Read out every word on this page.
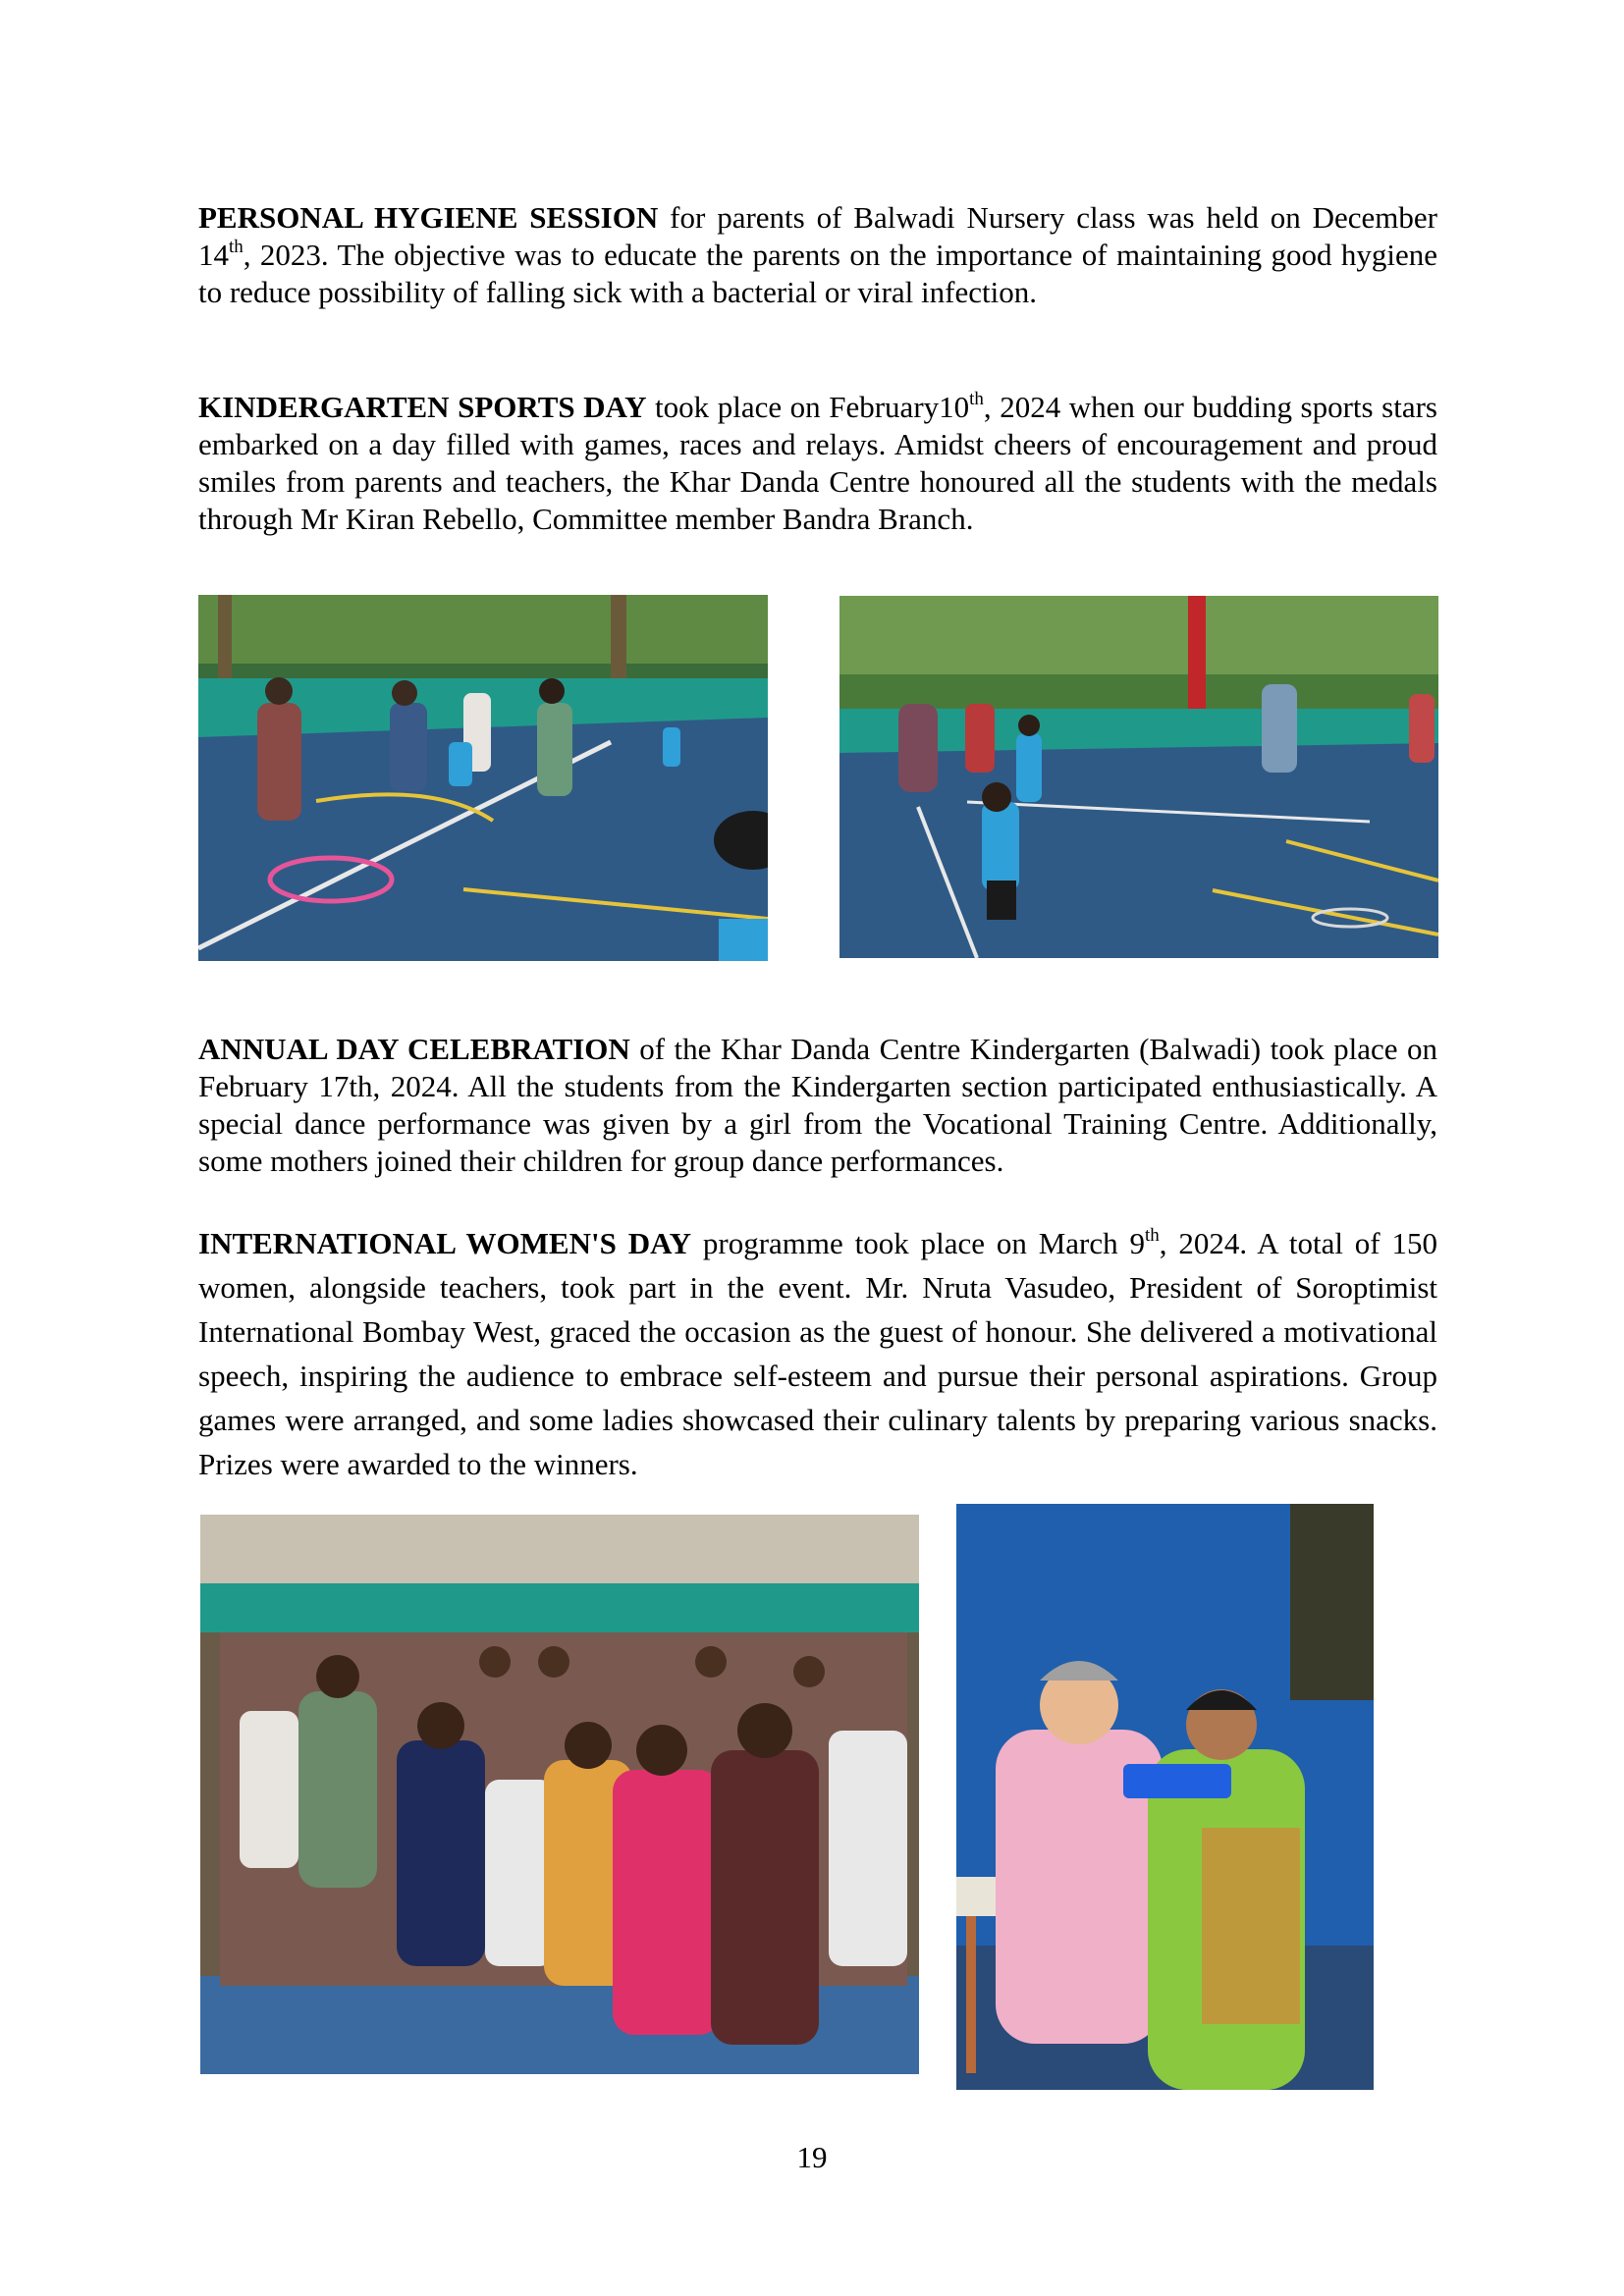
PERSONAL HYGIENE SESSION for parents of Balwadi Nursery class was held on December 14th, 2023. The objective was to educate the parents on the importance of maintaining good hygiene to reduce possibility of falling sick with a bacterial or viral infection.
KINDERGARTEN SPORTS DAY took place on February10th, 2024 when our budding sports stars embarked on a day filled with games, races and relays. Amidst cheers of encouragement and proud smiles from parents and teachers, the Khar Danda Centre honoured all the students with the medals through Mr Kiran Rebello, Committee member Bandra Branch.
ANNUAL DAY CELEBRATION of the Khar Danda Centre Kindergarten (Balwadi) took place on February 17th, 2024. All the students from the Kindergarten section participated enthusiastically. A special dance performance was given by a girl from the Vocational Training Centre. Additionally, some mothers joined their children for group dance performances.
INTERNATIONAL WOMEN'S DAY programme took place on March 9th, 2024. A total of 150 women, alongside teachers, took part in the event. Mr. Nruta Vasudeo, President of Soroptimist International Bombay West, graced the occasion as the guest of honour. She delivered a motivational speech, inspiring the audience to embrace self-esteem and pursue their personal aspirations. Group games were arranged, and some ladies showcased their culinary talents by preparing various snacks. Prizes were awarded to the winners.
19
